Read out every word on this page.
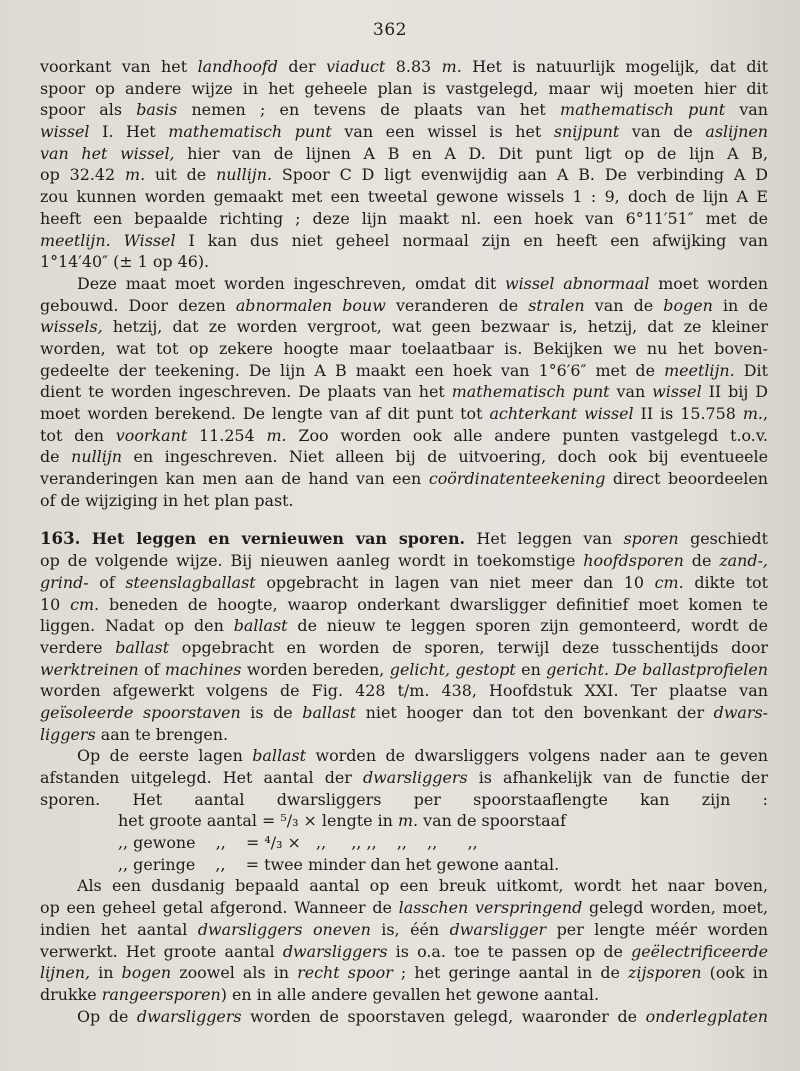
362
voorkant van het landhoofd der viaduct 8.83 m. Het is natuurlijk mogelijk, dat dit
spoor op andere wijze in het geheele plan is vastgelegd, maar wij moeten hier dit
spoor als basis nemen ; en tevens de plaats van het mathematisch punt van
wissel I. Het mathematisch punt van een wissel is het snijpunt van de aslijnen
van het wissel, hier van de lijnen A B en A D. Dit punt ligt op de lijn A B,
op 32.42 m. uit de nullijn. Spoor C D ligt evenwijdig aan A B. De verbinding A D
zou kunnen worden gemaakt met een tweetal gewone wissels 1 : 9, doch de lijn A E
heeft een bepaalde richting ; deze lijn maakt nl. een hoek van 6°11′51″ met de
meetlijn. Wissel I kan dus niet geheel normaal zijn en heeft een afwijking van
1°14′40″ (± 1 op 46).
Deze maat moet worden ingeschreven, omdat dit wissel abnormaal moet worden
gebouwd. Door dezen abnormalen bouw veranderen de stralen van de bogen in de
wissels, hetzij, dat ze worden vergroot, wat geen bezwaar is, hetzij, dat ze kleiner
worden, wat tot op zekere hoogte maar toelaatbaar is. Bekijken we nu het boven-
gedeelte der teekening. De lijn A B maakt een hoek van 1°6′6″ met de meetlijn. Dit
dient te worden ingeschreven. De plaats van het mathematisch punt van wissel II bij D
moet worden berekend. De lengte van af dit punt tot achterkant wissel II is 15.758 m.,
tot den voorkant 11.254 m. Zoo worden ook alle andere punten vastgelegd t.o.v.
de nullijn en ingeschreven. Niet alleen bij de uitvoering, doch ook bij eventueele
veranderingen kan men aan de hand van een coördinatenteekening direct beoordeelen
of de wijziging in het plan past.
163. Het leggen en vernieuwen van sporen. Het leggen van sporen geschiedt
op de volgende wijze. Bij nieuwen aanleg wordt in toekomstige hoofdsporen de zand-,
grind- of steenslagballast opgebracht in lagen van niet meer dan 10 cm. dikte tot
10 cm. beneden de hoogte, waarop onderkant dwarsligger definitief moet komen te
liggen. Nadat op den ballast de nieuw te leggen sporen zijn gemonteerd, wordt de
verdere ballast opgebracht en worden de sporen, terwijl deze tusschentijds door
werktreinen of machines worden bereden, gelicht, gestopt en gericht. De ballastprofielen
worden afgewerkt volgens de Fig. 428 t/m. 438, Hoofdstuk XXI. Ter plaatse van
geïsoleerde spoorstaven is de ballast niet hooger dan tot den bovenkant der dwars-
liggers aan te brengen.
Op de eerste lagen ballast worden de dwarsliggers volgens nader aan te geven
afstanden uitgelegd. Het aantal der dwarsliggers is afhankelijk van de functie der
sporen. Het aantal dwarsliggers per spoorstaaflengte kan zijn :
het groote aantal = ⁵/₃ × lengte in m. van de spoorstaaf
,, gewone    ,,    = ⁴/₃ ×   ,,     ,, ,,    ,,    ,,      ,,
,, geringe    ,,    = twee minder dan het gewone aantal.
Als een dusdanig bepaald aantal op een breuk uitkomt, wordt het naar boven,
op een geheel getal afgerond. Wanneer de lasschen verspringend gelegd worden, moet,
indien het aantal dwarsliggers oneven is, één dwarsligger per lengte méér worden
verwerkt. Het groote aantal dwarsliggers is o.a. toe te passen op de geëlectrificeerde
lijnen, in bogen zoowel als in recht spoor ; het geringe aantal in de zijsporen (ook in
drukke rangeersporen) en in alle andere gevallen het gewone aantal.
Op de dwarsliggers worden de spoorstaven gelegd, waaronder de onderlegplaten
